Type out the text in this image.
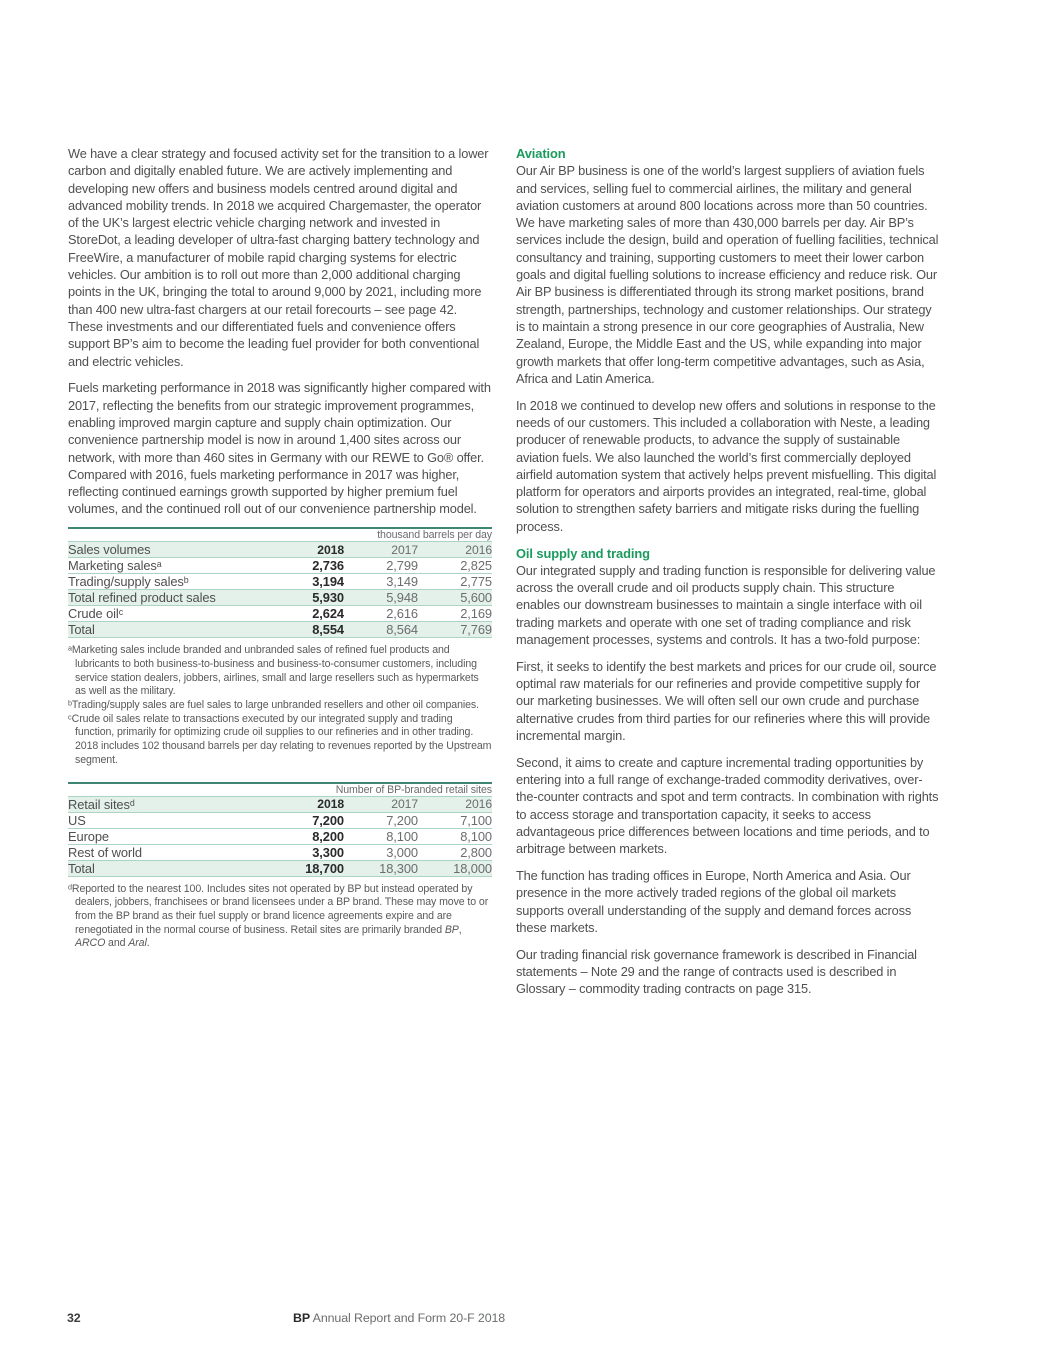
We have a clear strategy and focused activity set for the transition to a lower carbon and digitally enabled future. We are actively implementing and developing new offers and business models centred around digital and advanced mobility trends. In 2018 we acquired Chargemaster, the operator of the UK’s largest electric vehicle charging network and invested in StoreDot, a leading developer of ultra-fast charging battery technology and FreeWire, a manufacturer of mobile rapid charging systems for electric vehicles. Our ambition is to roll out more than 2,000 additional charging points in the UK, bringing the total to around 9,000 by 2021, including more than 400 new ultra-fast chargers at our retail forecourts – see page 42. These investments and our differentiated fuels and convenience offers support BP’s aim to become the leading fuel provider for both conventional and electric vehicles.

Fuels marketing performance in 2018 was significantly higher compared with 2017, reflecting the benefits from our strategic improvement programmes, enabling improved margin capture and supply chain optimization. Our convenience partnership model is now in around 1,400 sites across our network, with more than 460 sites in Germany with our REWE to Go® offer. Compared with 2016, fuels marketing performance in 2017 was higher, reflecting continued earnings growth supported by higher premium fuel volumes, and the continued roll out of our convenience partnership model.

thousand barrels per day			
Sales volumes	2018	2017	2016
Marketing salesᵃ	2,736	2,799	2,825
Trading/supply salesᵇ	3,194	3,149	2,775
Total refined product sales	5,930	5,948	5,600
Crude oilᶜ	2,624	2,616	2,169
Total	8,554	8,564	7,769

ᵃMarketing sales include branded and unbranded sales of refined fuel products and lubricants to both business-to-business and business-to-consumer customers, including service station dealers, jobbers, airlines, small and large resellers such as hypermarkets as well as the military.

ᵇTrading/supply sales are fuel sales to large unbranded resellers and other oil companies.

ᶜCrude oil sales relate to transactions executed by our integrated supply and trading function, primarily for optimizing crude oil supplies to our refineries and in other trading. 2018 includes 102 thousand barrels per day relating to revenues reported by the Upstream segment.

Number of BP-branded retail sites			
Retail sitesᵈ	2018	2017	2016
US	7,200	7,200	7,100
Europe	8,200	8,100	8,100
Rest of world	3,300	3,000	2,800
Total	18,700	18,300	18,000

ᵈReported to the nearest 100. Includes sites not operated by BP but instead operated by dealers, jobbers, franchisees or brand licensees under a BP brand. These may move to or from the BP brand as their fuel supply or brand licence agreements expire and are renegotiated in the normal course of business. Retail sites are primarily branded BP, ARCO and Aral.

Aviation

Our Air BP business is one of the world’s largest suppliers of aviation fuels and services, selling fuel to commercial airlines, the military and general aviation customers at around 800 locations across more than 50 countries. We have marketing sales of more than 430,000 barrels per day. Air BP’s services include the design, build and operation of fuelling facilities, technical consultancy and training, supporting customers to meet their lower carbon goals and digital fuelling solutions to increase efficiency and reduce risk. Our Air BP business is differentiated through its strong market positions, brand strength, partnerships, technology and customer relationships. Our strategy is to maintain a strong presence in our core geographies of Australia, New Zealand, Europe, the Middle East and the US, while expanding into major growth markets that offer long-term competitive advantages, such as Asia, Africa and Latin America.

In 2018 we continued to develop new offers and solutions in response to the needs of our customers. This included a collaboration with Neste, a leading producer of renewable products, to advance the supply of sustainable aviation fuels. We also launched the world’s first commercially deployed airfield automation system that actively helps prevent misfuelling. This digital platform for operators and airports provides an integrated, real-time, global solution to strengthen safety barriers and mitigate risks during the fuelling process.

Oil supply and trading

Our integrated supply and trading function is responsible for delivering value across the overall crude and oil products supply chain. This structure enables our downstream businesses to maintain a single interface with oil trading markets and operate with one set of trading compliance and risk management processes, systems and controls. It has a two-fold purpose:

First, it seeks to identify the best markets and prices for our crude oil, source optimal raw materials for our refineries and provide competitive supply for our marketing businesses. We will often sell our own crude and purchase alternative crudes from third parties for our refineries where this will provide incremental margin.

Second, it aims to create and capture incremental trading opportunities by entering into a full range of exchange-traded commodity derivatives, over-the-counter contracts and spot and term contracts. In combination with rights to access storage and transportation capacity, it seeks to access advantageous price differences between locations and time periods, and to arbitrage between markets.

The function has trading offices in Europe, North America and Asia. Our presence in the more actively traded regions of the global oil markets supports overall understanding of the supply and demand forces across these markets.

Our trading financial risk governance framework is described in Financial statements – Note 29 and the range of contracts used is described in Glossary – commodity trading contracts on page 315.

32	BP Annual Report and Form 20-F 2018
